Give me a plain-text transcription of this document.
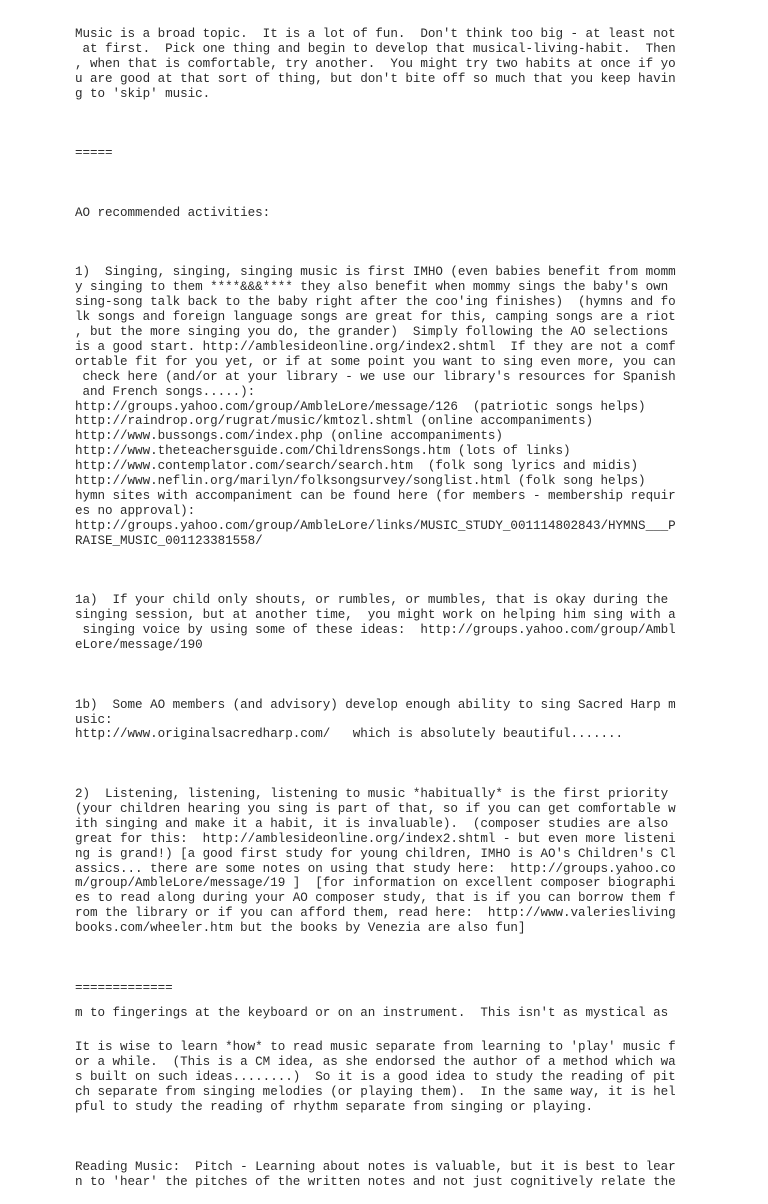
Music is a broad topic.  It is a lot of fun.  Don't think too big - at least not
at first.  Pick one thing and begin to develop that musical-living-habit.  Then
, when that is comfortable, try another.  You might try two habits at once if yo
u are good at that sort of thing, but don't bite off so much that you keep havin
g to 'skip' music.

=====

AO recommended activities:

1)  Singing, singing, singing music is first IMHO (even babies benefit from momm
y singing to them ****&&&**** they also benefit when mommy sings the baby's own
sing-song talk back to the baby right after the coo'ing finishes)  (hymns and fo
lk songs and foreign language songs are great for this, camping songs are a riot
, but the more singing you do, the grander)  Simply following the AO selections
is a good start. http://amblesideonline.org/index2.shtml  If they are not a comf
ortable fit for you yet, or if at some point you want to sing even more, you can
check here (and/or at your library - we use our library's resources for Spanish
and French songs.....):
http://groups.yahoo.com/group/AmbleLore/message/126  (patriotic songs helps)
http://raindrop.org/rugrat/music/kmtozl.shtml (online accompaniments)
http://www.bussongs.com/index.php (online accompaniments)
http://www.theteachersguide.com/ChildrensSongs.htm (lots of links)
http://www.contemplator.com/search/search.htm  (folk song lyrics and midis)
http://www.neflin.org/marilyn/folksongsurvey/songlist.html (folk song helps)
hymn sites with accompaniment can be found here (for members - membership requir
es no approval):
http://groups.yahoo.com/group/AmbleLore/links/MUSIC_STUDY_001114802843/HYMNS___P
RAISE_MUSIC_001123381558/

1a)  If your child only shouts, or rumbles, or mumbles, that is okay during the
singing session, but at another time,  you might work on helping him sing with a
singing voice by using some of these ideas:  http://groups.yahoo.com/group/Ambl
eLore/message/190

1b)  Some AO members (and advisory) develop enough ability to sing Sacred Harp m
usic:
http://www.originalsacredharp.com/   which is absolutely beautiful.......

2)  Listening, listening, listening to music *habitually* is the first priority
(your children hearing you sing is part of that, so if you can get comfortable w
ith singing and make it a habit, it is invaluable).  (composer studies are also
great for this:  http://amblesideonline.org/index2.shtml - but even more listeni
ng is grand!) [a good first study for young children, IMHO is AO's Children's Cl
assics... there are some notes on using that study here:  http://groups.yahoo.co
m/group/AmbleLore/message/19 ]  [for information on excellent composer biographi
es to read along during your AO composer study, that is if you can borrow them f
rom the library or if you can afford them, read here:  http://www.valeriesliving
books.com/wheeler.htm but the books by Venezia are also fun]

=============

It is wise to learn *how* to read music separate from learning to 'play' music f
or a while.  (This is a CM idea, as she endorsed the author of a method which wa
s built on such ideas........)  So it is a good idea to study the reading of pit
ch separate from singing melodies (or playing them).  In the same way, it is hel
pful to study the reading of rhythm separate from singing or playing.

Reading Music:  Pitch - Learning about notes is valuable, but it is best to lear
n to 'hear' the pitches of the written notes and not just cognitively relate the

m to fingerings at the keyboard or on an instrument.  This isn't as mystical as
